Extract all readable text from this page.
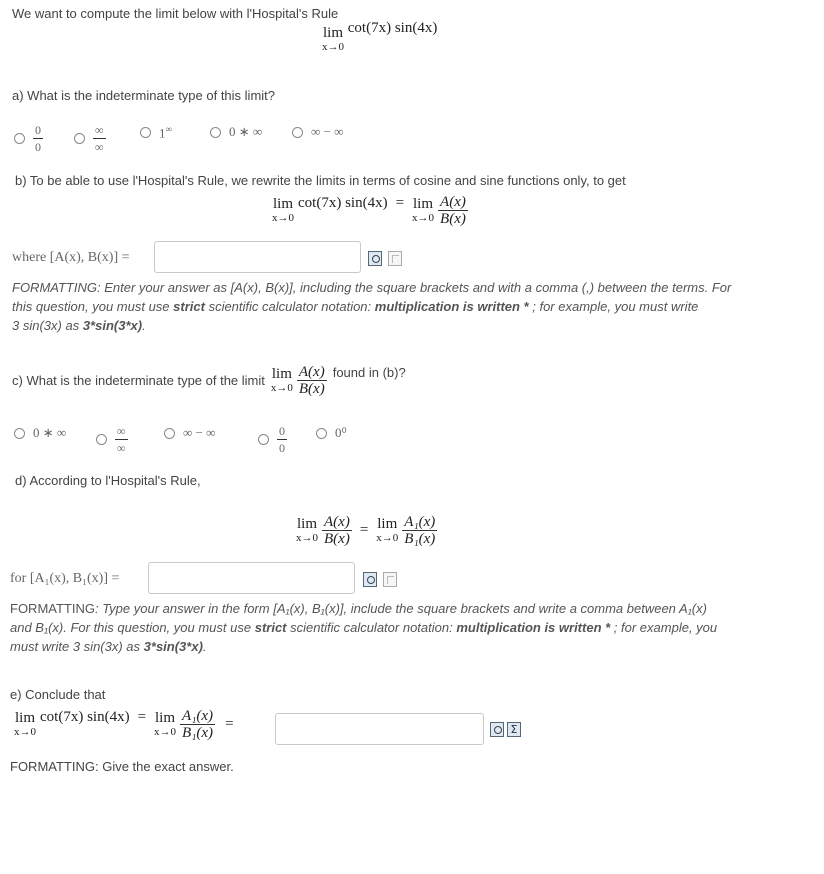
We want to compute the limit below with l'Hospital's Rule
lim
x→0
cot(7x) sin(4x)
a) What is the indeterminate type of this limit?
$\frac{0}{0}$	$\frac{\infty}{\infty}$	1∞	0 ∗ ∞	∞ − ∞
b) To be able to use l'Hospital's Rule, we rewrite the limits in terms of cosine and sine functions only, to get
lim
x→0
cot(7x) sin(4x) = lim
$x\to 0 \frac{A(x)}{B(x)}$
where [A(x), B(x)] =
FORMATTING: Enter your answer as [A(x), B(x)], including the square brackets and with a comma (,) between the terms. For
this question, you must use strict scientific calculator notation: multiplication is written * ; for example, you must write
3 sin(3x) as 3*sin(3*x).
c) What is the indeterminate type of the limit lim
$x\to 0 \frac{A(x)}{B(x)}$ found in (b)?
0 ∗ ∞	$\frac{\infty}{\infty}$	∞ − ∞	$\frac{0}{0}$	0⁰
d) According to l'Hospital's Rule,
lim
$x\to 0 \frac{A(x)}{B(x)} = \lim$
$x\to 0 \frac{\text{A₁(x)}}{\text{B₁(x)}}$
for [A₁(x), B₁(x)] =
FORMATTING: Type your answer in the form [A₁(x), B₁(x)], include the square brackets and write a comma between A₁(x)
and B₁(x). For this question, you must use strict scientific calculator notation: multiplication is written * ; for example, you
must write 3 sin(3x) as 3*sin(3*x).
e) Conclude that
lim
x→0
cot(7x) sin(4x) = lim
$x\to 0 \frac{\text{A₁(x)}}{\text{B₁(x)}}$ =	Σ
FORMATTING: Give the exact answer.
